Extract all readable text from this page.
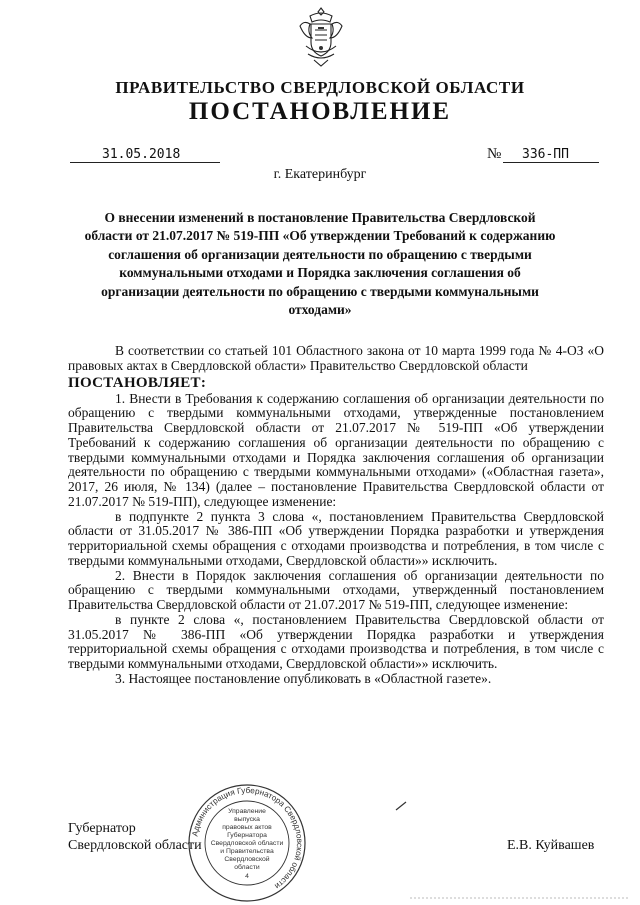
ПРАВИТЕЛЬСТВО СВЕРДЛОВСКОЙ ОБЛАСТИ
ПОСТАНОВЛЕНИЕ
31.05.2018	№ 336-ПП
г. Екатеринбург
О внесении изменений в постановление Правительства Свердловской области от 21.07.2017 № 519-ПП «Об утверждении Требований к содержанию соглашения об организации деятельности по обращению с твердыми коммунальными отходами и Порядка заключения соглашения об организации деятельности по обращению с твердыми коммунальными отходами»

В соответствии со статьей 101 Областного закона от 10 марта 1999 года № 4-ОЗ «О правовых актах в Свердловской области» Правительство Свердловской области

ПОСТАНОВЛЯЕТ:

1. Внести в Требования к содержанию соглашения об организации деятельности по обращению с твердыми коммунальными отходами, утвержденные постановлением Правительства Свердловской области от 21.07.2017 № 519-ПП «Об утверждении Требований к содержанию соглашения об организации деятельности по обращению с твердыми коммунальными отходами и Порядка заключения соглашения об организации деятельности по обращению с твердыми коммунальными отходами» («Областная газета», 2017, 26 июля, № 134) (далее – постановление Правительства Свердловской области от 21.07.2017 № 519-ПП), следующее изменение:

в подпункте 2 пункта 3 слова «, постановлением Правительства Свердловской области от 31.05.2017 № 386-ПП «Об утверждении Порядка разработки и утверждения территориальной схемы обращения с отходами производства и потребления, в том числе с твердыми коммунальными отходами, Свердловской области»» исключить.

2. Внести в Порядок заключения соглашения об организации деятельности по обращению с твердыми коммунальными отходами, утвержденный постановлением Правительства Свердловской области от 21.07.2017 № 519-ПП, следующее изменение:

в пункте 2 слова «, постановлением Правительства Свердловской области от 31.05.2017 № 386-ПП «Об утверждении Порядка разработки и утверждения территориальной схемы обращения с отходами производства и потребления, в том числе с твердыми коммунальными отходами, Свердловской области»» исключить.

3. Настоящее постановление опубликовать в «Областной газете».

Администрация Губернатора Свердловской области
Управление
выпуска
правовых актов
Губернатора
Свердловской области
и Правительства
Свердловской
области
4
Губернатор
Свердловской области	Е.В. Куйвашев
